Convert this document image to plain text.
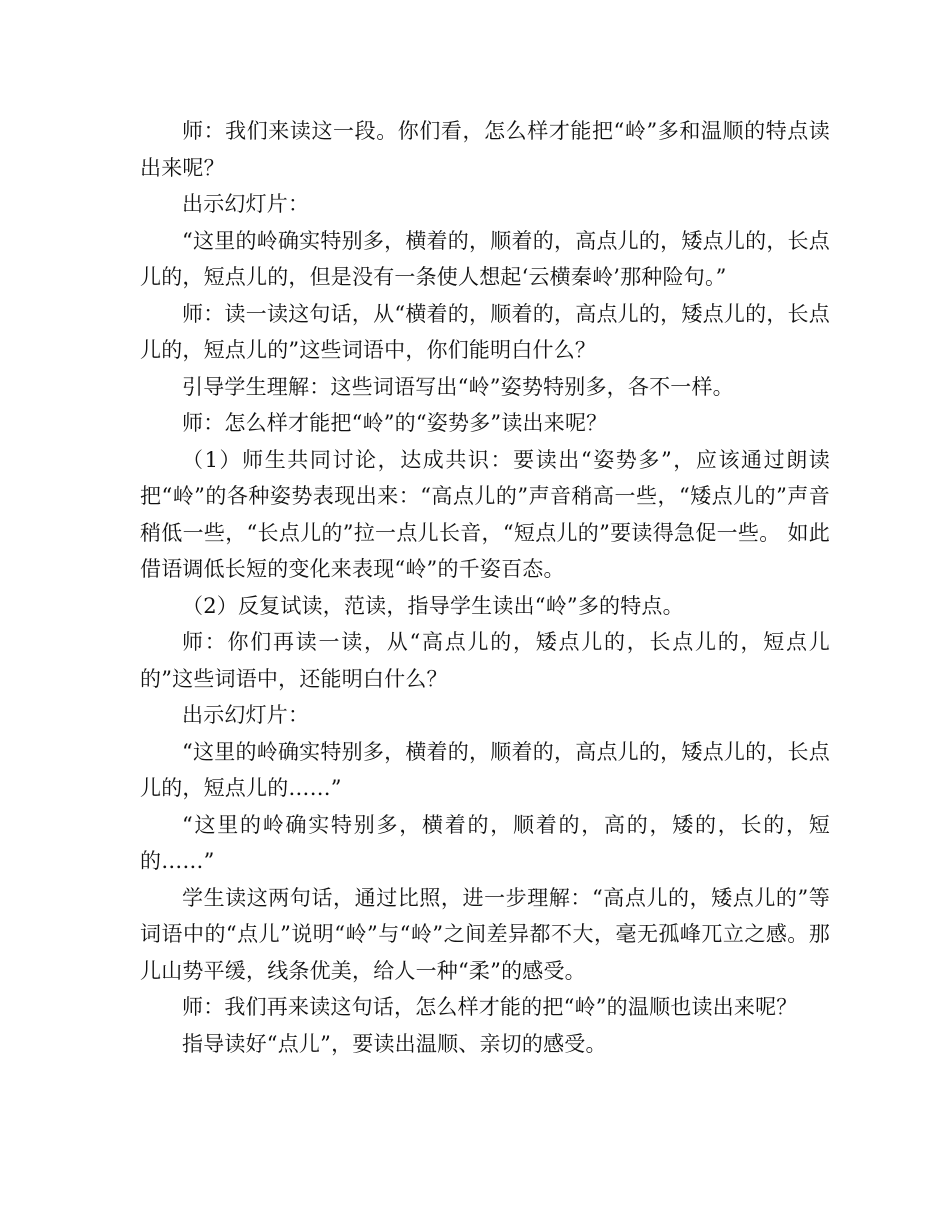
师：我们来读这一段。你们看，怎么样才能把“岭”多和温顺的特点读出来呢？

出示幻灯片：

“这里的岭确实特别多，横着的，顺着的，高点儿的，矮点儿的，长点儿的，短点儿的，但是没有一条使人想起‘云横秦岭’那种险句。”

师：读一读这句话，从“横着的，顺着的，高点儿的，矮点儿的，长点儿的，短点儿的”这些词语中，你们能明白什么？

引导学生理解：这些词语写出“岭”姿势特别多，各不一样。

师：怎么样才能把“岭”的“姿势多”读出来呢？

（1）师生共同讨论，达成共识：要读出“姿势多”，应该通过朗读把“岭”的各种姿势表现出来：“高点儿的”声音稍高一些，“矮点儿的”声音稍低一些，“长点儿的”拉一点儿长音，“短点儿的”要读得急促一些。 如此借语调低长短的变化来表现“岭”的千姿百态。

（2）反复试读，范读，指导学生读出“岭”多的特点。

师：你们再读一读，从“高点儿的，矮点儿的，长点儿的，短点儿的”这些词语中，还能明白什么？

出示幻灯片：

“这里的岭确实特别多，横着的，顺着的，高点儿的，矮点儿的，长点儿的，短点儿的……”

“这里的岭确实特别多，横着的，顺着的，高的，矮的，长的，短的……”

学生读这两句话，通过比照，进一步理解：“高点儿的，矮点儿的”等词语中的“点儿”说明“岭”与“岭”之间差异都不大，毫无孤峰兀立之感。那儿山势平缓，线条优美，给人一种“柔”的感受。

师：我们再来读这句话，怎么样才能的把“岭”的温顺也读出来呢？

指导读好“点儿”，要读出温顺、亲切的感受。
